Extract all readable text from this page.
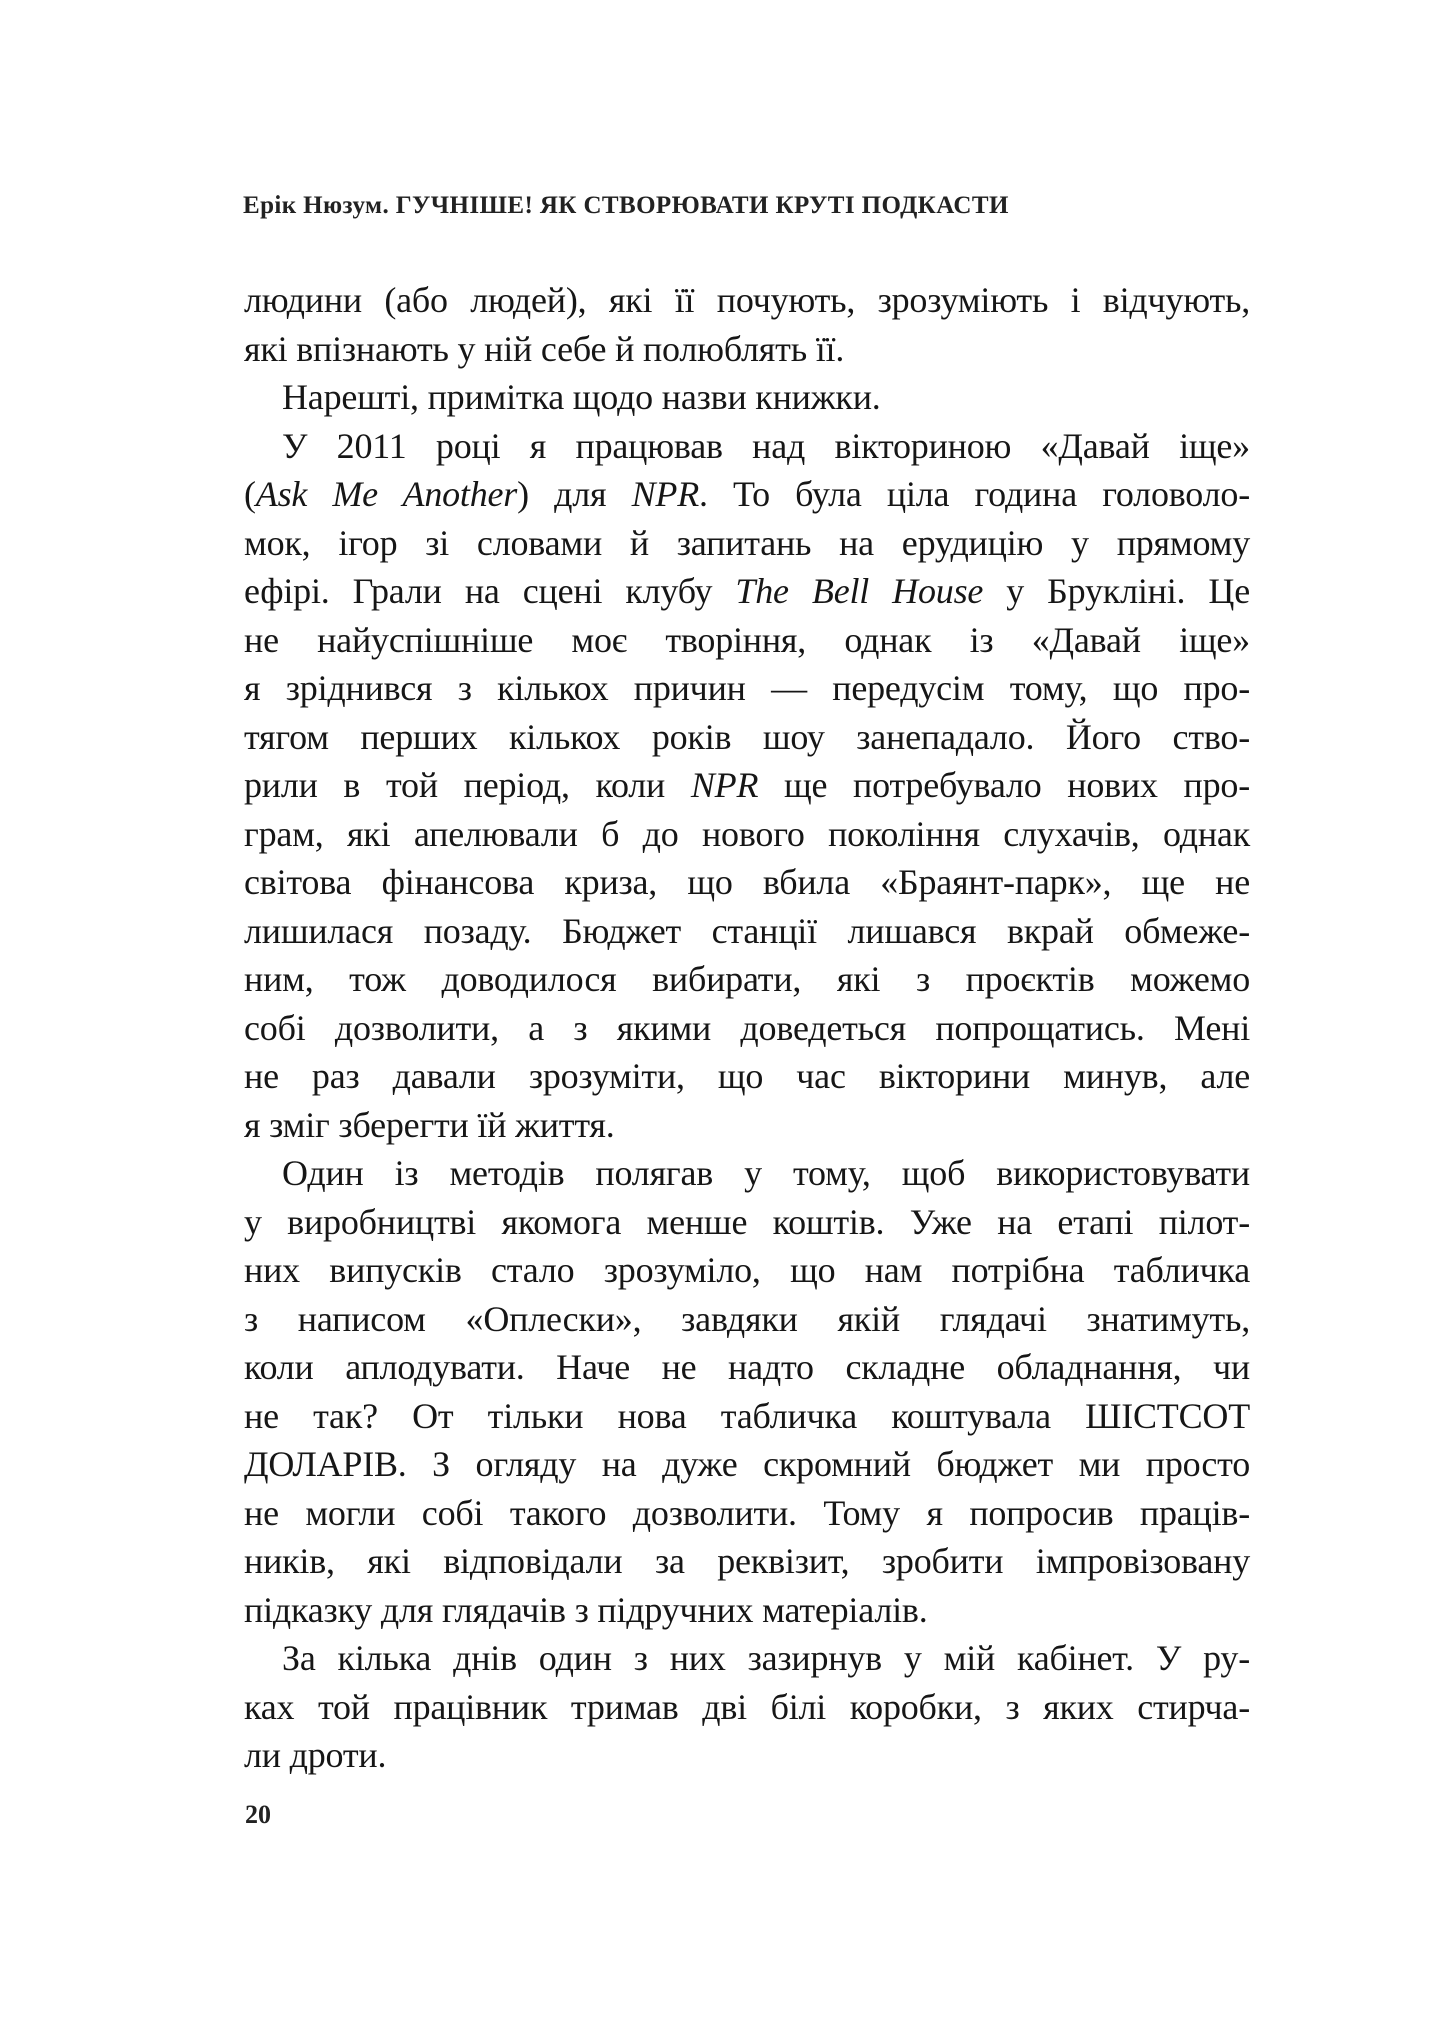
Ерік Нюзум. ГУЧНІШЕ! ЯК СТВОРЮВАТИ КРУТІ ПОДКАСТИ
людини (або людей), які її почують, зрозуміють і відчують,
які впізнають у ній себе й полюблять її.
Нарешті, примітка щодо назви книжки.
У 2011 році я працював над вікториною «Давай іще»
(Ask Me Another) для NPR. То була ціла година головоло-
мок, ігор зі словами й запитань на ерудицію у прямому
ефірі. Грали на сцені клубу The Bell House у Брукліні. Це
не найуспішніше моє творіння, однак із «Давай іще»
я зріднився з кількох причин — передусім тому, що про-
тягом перших кількох років шоу занепадало. Його ство-
рили в той період, коли NPR ще потребувало нових про-
грам, які апелювали б до нового покоління слухачів, однак
світова фінансова криза, що вбила «Браянт-парк», ще не
лишилася позаду. Бюджет станції лишався вкрай обмеже-
ним, тож доводилося вибирати, які з проєктів можемо
собі дозволити, а з якими доведеться попрощатись. Мені
не раз давали зрозуміти, що час вікторини минув, але
я зміг зберегти їй життя.
Один із методів полягав у тому, щоб використовувати
у виробництві якомога менше коштів. Уже на етапі пілот-
них випусків стало зрозуміло, що нам потрібна табличка
з написом «Оплески», завдяки якій глядачі знатимуть,
коли аплодувати. Наче не надто складне обладнання, чи
не так? От тільки нова табличка коштувала ШІСТСОТ
ДОЛАРІВ. З огляду на дуже скромний бюджет ми просто
не могли собі такого дозволити. Тому я попросив праців-
ників, які відповідали за реквізит, зробити імпровізовану
підказку для глядачів з підручних матеріалів.
За кілька днів один з них зазирнув у мій кабінет. У ру-
ках той працівник тримав дві білі коробки, з яких стирча-
ли дроти.
20
